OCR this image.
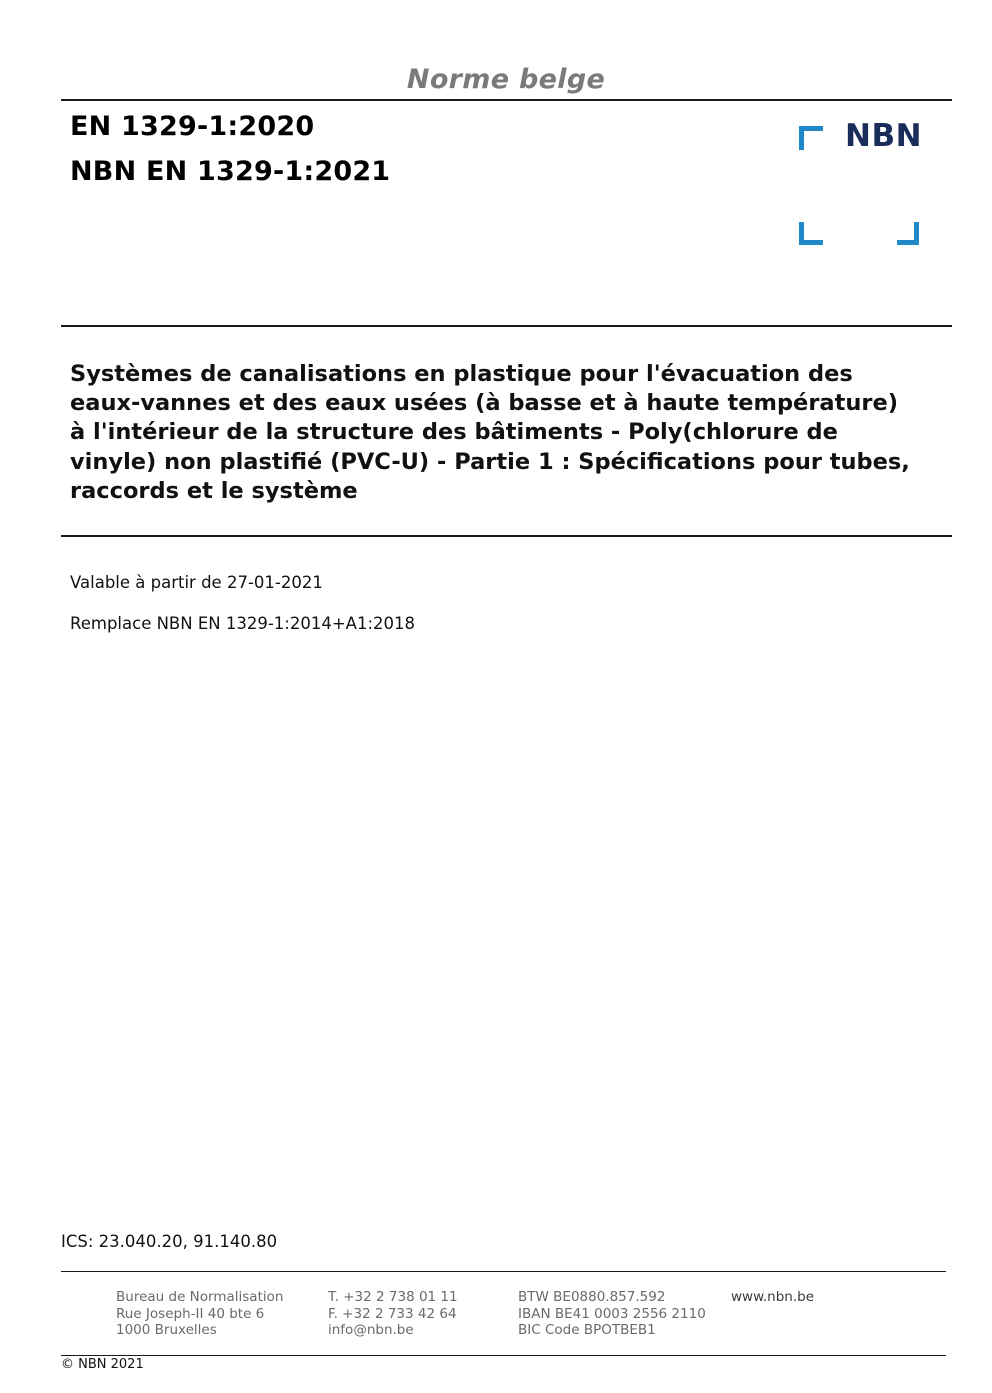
Norme belge
EN 1329-1:2020
NBN EN 1329-1:2021
NBN
Systèmes de canalisations en plastique pour l'évacuation des
eaux-vannes et des eaux usées (à basse et à haute température)
à l'intérieur de la structure des bâtiments - Poly(chlorure de
vinyle) non plastifié (PVC-U) - Partie 1 : Spécifications pour tubes,
raccords et le système
Valable à partir de 27-01-2021
Remplace NBN EN 1329-1:2014+A1:2018
ICS: 23.040.20, 91.140.80
Bureau de Normalisation
Rue Joseph-II 40 bte 6
1000 Bruxelles
T. +32 2 738 01 11
F. +32 2 733 42 64
info@nbn.be
BTW BE0880.857.592
IBAN BE41 0003 2556 2110
BIC Code BPOTBEB1
www.nbn.be
© NBN 2021
